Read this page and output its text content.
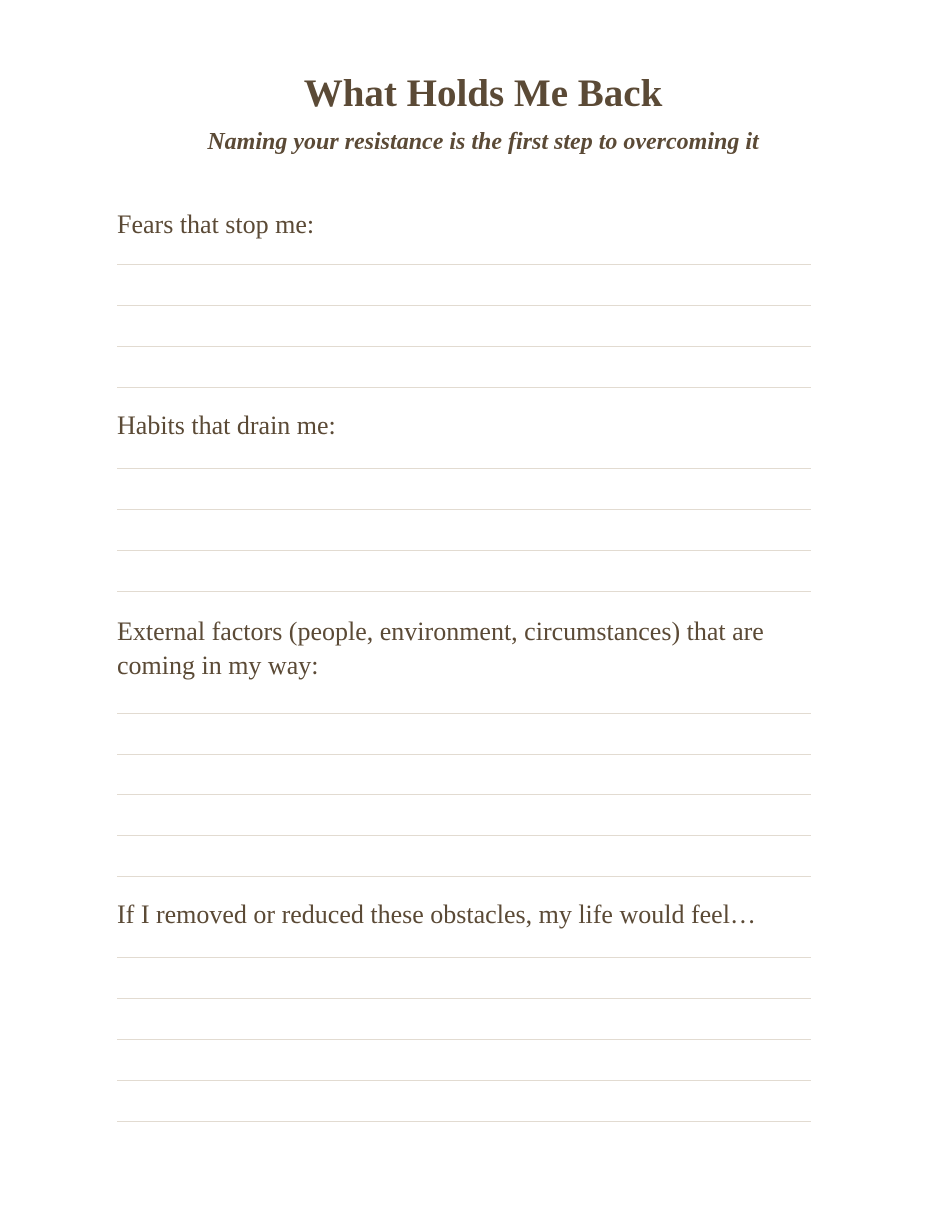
What Holds Me Back

Naming your resistance is the first step to overcoming it

Fears that stop me:

Habits that drain me:

External factors (people, environment, circumstances) that are coming in my way:

If I removed or reduced these obstacles, my life would feel…
